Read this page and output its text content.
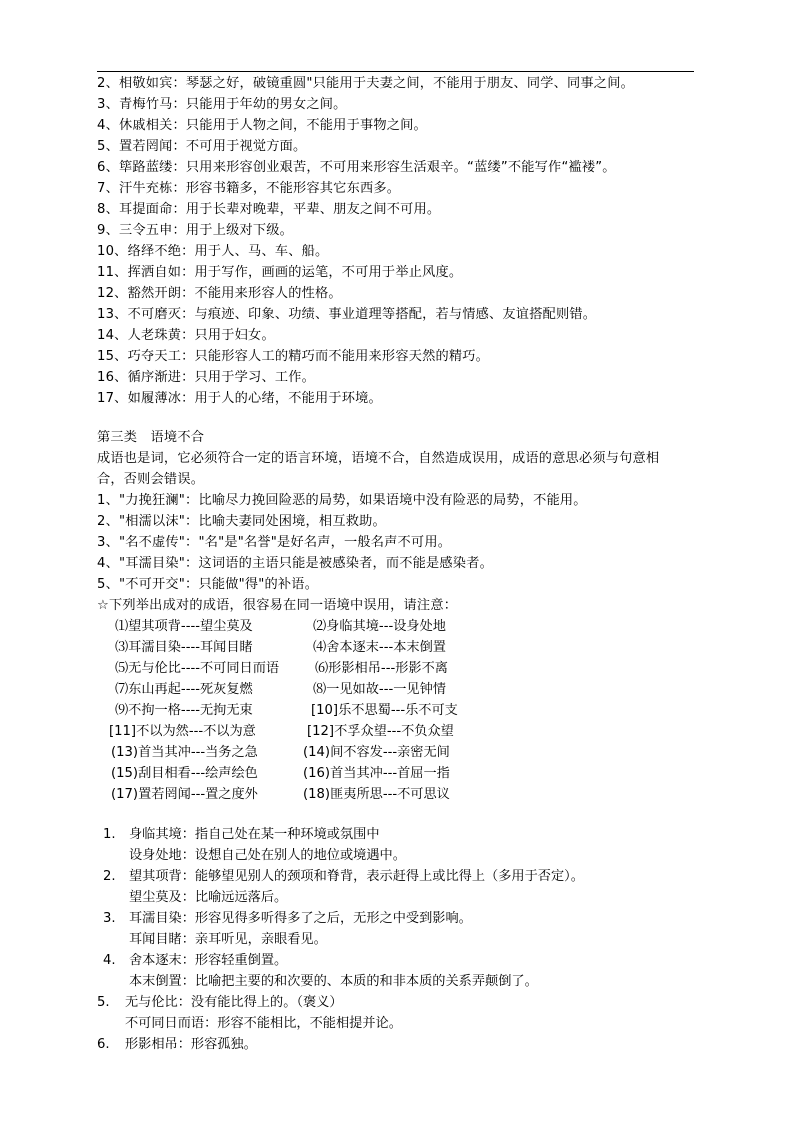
2、相敬如宾：琴瑟之好，破镜重圆"只能用于夫妻之间，不能用于朋友、同学、同事之间。
3、青梅竹马：只能用于年幼的男女之间。
4、休戚相关：只能用于人物之间，不能用于事物之间。
5、置若罔闻：不可用于视觉方面。
6、筚路蓝缕：只用来形容创业艰苦，不可用来形容生活艰辛。“蓝缕”不能写作“褴褛”。
7、汗牛充栋：形容书籍多，不能形容其它东西多。
8、耳提面命：用于长辈对晚辈，平辈、朋友之间不可用。
9、三令五申：用于上级对下级。
10、络绎不绝：用于人、马、车、船。
11、挥洒自如：用于写作，画画的运笔，不可用于举止风度。
12、豁然开朗：不能用来形容人的性格。
13、不可磨灭：与痕迹、印象、功绩、事业道理等搭配，若与情感、友谊搭配则错。
14、人老珠黄：只用于妇女。
15、巧夺天工：只能形容人工的精巧而不能用来形容天然的精巧。
16、循序渐进：只用于学习、工作。
17、如履薄冰：用于人的心绪，不能用于环境。
第三类　语境不合
成语也是词，它必须符合一定的语言环境，语境不合，自然造成误用，成语的意思必须与句意相
合，否则会错误。
1、"力挽狂澜"：比喻尽力挽回险恶的局势，如果语境中没有险恶的局势，不能用。
2、"相濡以沫"：比喻夫妻同处困境，相互救助。
3、"名不虚传"："名"是"名誉"是好名声，一般名声不可用。
4、"耳濡目染"：这词语的主语只能是被感染者，而不能是感染者。
5、"不可开交"：只能做"得"的补语。
☆下列举出成对的成语，很容易在同一语境中误用，请注意：
⑴望其项背----望尘莫及	⑵身临其境---设身处地
⑶耳濡目染----耳闻目睹	⑷舍本逐末---本末倒置
⑸无与伦比----不可同日而语	⑹形影相吊---形影不离
⑺东山再起----死灰复燃	⑻一见如故---一见钟情
⑼不拘一格----无拘无束	[10]乐不思蜀---乐不可支
[11]不以为然---不以为意	[12]不孚众望---不负众望
(13)首当其冲---当务之急	(14)间不容发---亲密无间
(15)刮目相看---绘声绘色	(16)首当其冲---首屈一指
(17)置若罔闻---置之度外	(18)匪夷所思---不可思议
1. 身临其境：指自己处在某一种环境或氛围中
设身处地：设想自己处在别人的地位或境遇中。
2. 望其项背：能够望见别人的颈项和脊背，表示赶得上或比得上（多用于否定）。
望尘莫及：比喻远远落后。
3. 耳濡目染：形容见得多听得多了之后，无形之中受到影响。
耳闻目睹：亲耳听见，亲眼看见。
4. 舍本逐末：形容轻重倒置。
本末倒置：比喻把主要的和次要的、本质的和非本质的关系弄颠倒了。
5. 无与伦比：没有能比得上的。（褒义）
不可同日而语：形容不能相比，不能相提并论。
6. 形影相吊：形容孤独。
